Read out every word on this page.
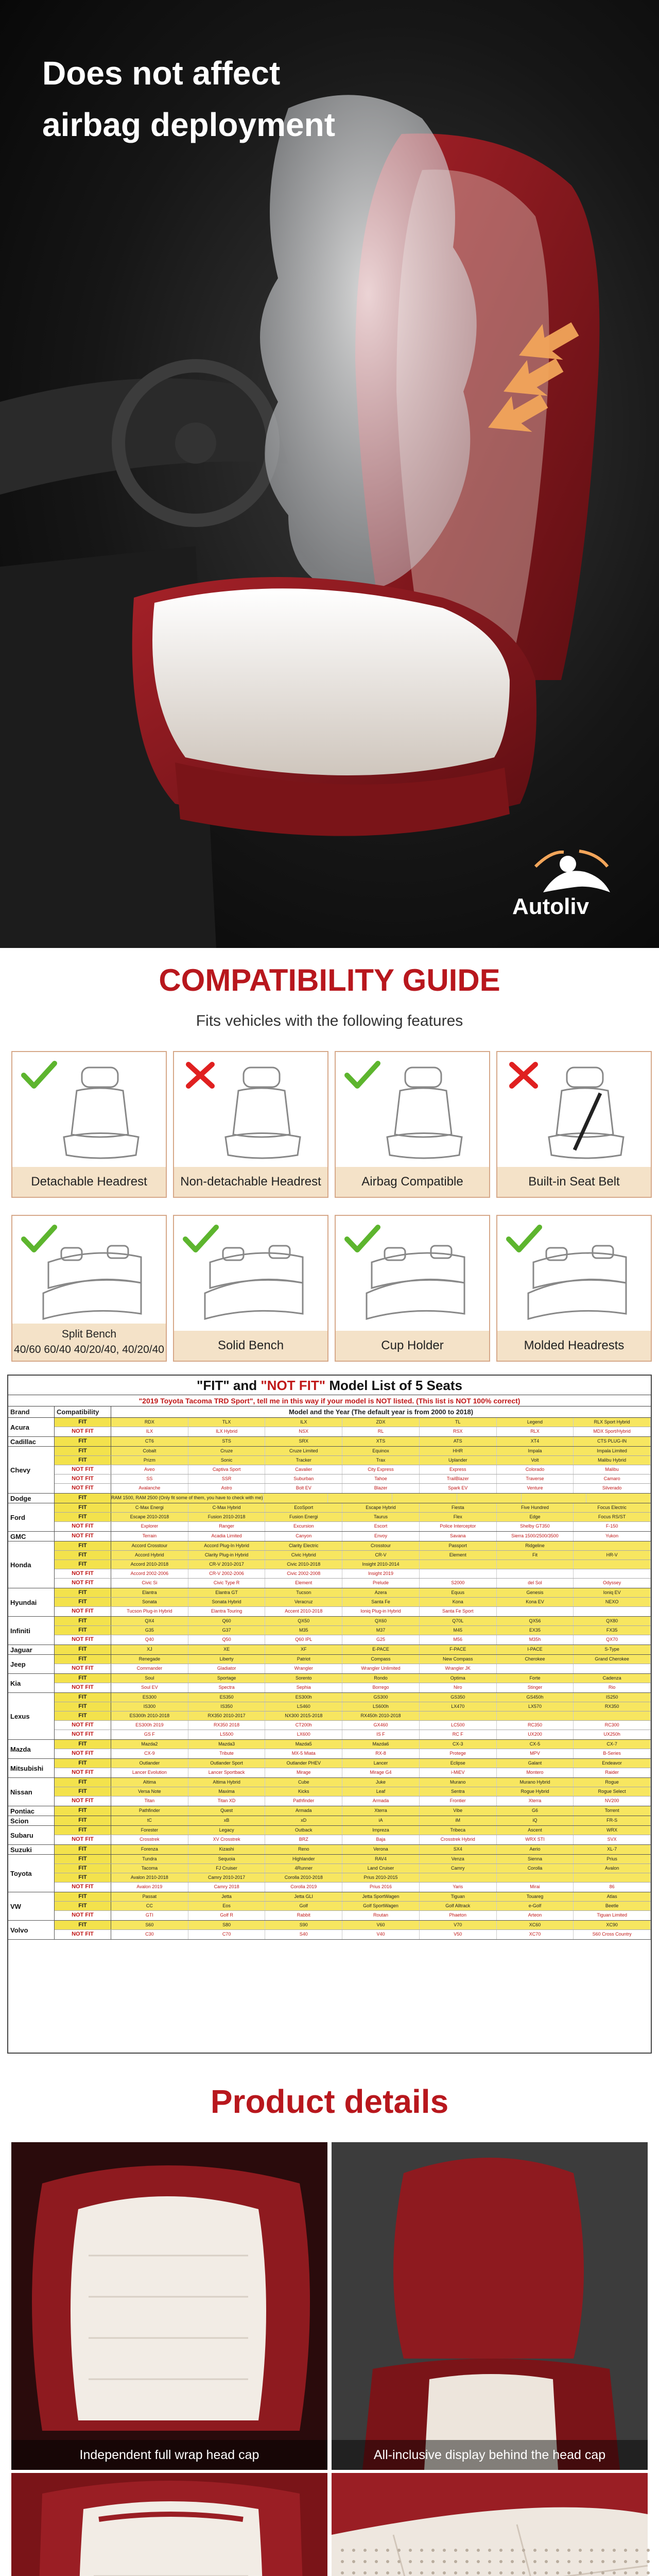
Does not affect
airbag deployment
Autoliv
COMPATIBILITY GUIDE
Fits vehicles with the following features
Detachable Headrest	Non-detachable Headrest	Airbag Compatible	Built-in Seat Belt
Split Bench
40/60 60/40 40/20/40, 40/20/40	Solid Bench	Cup Holder	Molded Headrests
"FIT" and "NOT FIT" Model List of 5 Seats
"2019 Toyota Tacoma TRD Sport", tell me in this way if your model is NOT listed. (This list is NOT 100% correct)
Brand	Compatibility	Model and the Year (The default year is from 2000 to 2018)
Acura
FIT	RDX	TLX	ILX	ZDX	TL	Legend	RLX Sport Hybrid
NOT FIT	ILX	ILX Hybrid	NSX	RL	RSX	RLX	MDX Sport/Hybrid
Cadillac	FIT	CT6	STS	SRX	XTS	ATS	XT4	CTS PLUG-IN
Chevy
FIT	Cobalt	Cruze	Cruze Limited	Equinox	HHR	Impala	Impala Limited
FIT	Prizm	Sonic	Tracker	Trax	Uplander	Volt	Malibu Hybrid
NOT FIT	Aveo	Captiva Sport	Cavalier	City Express	Express	Colorado	Malibu
NOT FIT	SS	SSR	Suburban	Tahoe	TrailBlazer	Traverse	Camaro
NOT FIT	Avalanche	Astro	Bolt EV	Blazer	Spark EV	Venture	Silverado
Dodge	FIT	RAM 1500, RAM 2500 (Only fit some of them, you have to check with me)
Ford
FIT	C-Max Energi	C-Max Hybrid	EcoSport	Escape Hybrid	Fiesta	Five Hundred	Focus Electric
FIT	Escape 2010-2018	Fusion 2010-2018	Fusion Energi	Taurus	Flex	Edge	Focus RS/ST
NOT FIT	Explorer	Ranger	Excursion	Escort	Police Interceptor	Shelby GT350	F-150
GMC	NOT FIT	Terrain	Acadia Limited	Canyon	Envoy	Savana	Sierra 1500/2500/3500	Yukon
Honda
FIT	Accord Crosstour	Accord Plug-In Hybrid	Clarity Electric	Crosstour	Passport	Ridgeline
FIT	Accord Hybrid	Clarity Plug-in Hybrid	Civic Hybrid	CR-V	Element	Fit	HR-V
FIT	Accord 2010-2018	CR-V 2010-2017	Civic 2010-2018	Insight 2010-2014
NOT FIT	Accord 2002-2006	CR-V 2002-2006	Civic 2002-2008	Insight 2019
NOT FIT	Civic Si	Civic Type R	Element	Prelude	S2000	del Sol	Odyssey
Hyundai
FIT	Elantra	Elantra GT	Tucson	Azera	Equus	Genesis	Ioniq EV
FIT	Sonata	Sonata Hybrid	Veracruz	Santa Fe	Kona	Kona EV	NEXO
NOT FIT	Tucson Plug-in Hybrid	Elantra Touring	Accent 2010-2018	Ioniq Plug-in Hybrid	Santa Fe Sport
Infiniti
FIT	QX4	Q60	QX50	QX60	Q70L	QX56	QX80
FIT	G35	G37	M35	M37	M45	EX35	FX35
NOT FIT	Q40	Q50	Q60 IPL	G25	M56	M35h	QX70
Jaguar	FIT	XJ	XE	XF	E-PACE	F-PACE	I-PACE	S-Type
Jeep
FIT	Renegade	Liberty	Patriot	Compass	New Compass	Cherokee	Grand Cherokee
NOT FIT	Commander	Gladiator	Wrangler	Wrangler Unlimited	Wrangler JK
Kia
FIT	Soul	Sportage	Sorento	Rondo	Optima	Forte	Cadenza
NOT FIT	Soul EV	Spectra	Sephia	Borrego	Niro	Stinger	Rio
Lexus
FIT	ES300	ES350	ES300h	GS300	GS350	GS450h	IS250
FIT	IS300	IS350	LS460	LS600h	LX470	LX570	RX350
FIT	ES300h 2010-2018	RX350 2010-2017	NX300 2015-2018	RX450h 2010-2018
NOT FIT	ES300h 2019	RX350 2018	CT200h	GX460	LC500	RC350	RC300
NOT FIT	GS F	LS500	LX600	IS F	RC F	UX200	UX250h
Mazda
FIT	Mazda2	Mazda3	Mazda5	Mazda6	CX-3	CX-5	CX-7
NOT FIT	CX-9	Tribute	MX-5 Miata	RX-8	Protege	MPV	B-Series
Mitsubishi
FIT	Outlander	Outlander Sport	Outlander PHEV	Lancer	Eclipse	Galant	Endeavor
NOT FIT	Lancer Evolution	Lancer Sportback	Mirage	Mirage G4	i-MiEV	Montero	Raider
Nissan
FIT	Altima	Altima Hybrid	Cube	Juke	Murano	Murano Hybrid	Rogue
FIT	Versa Note	Maxima	Kicks	Leaf	Sentra	Rogue Hybrid	Rogue Select
NOT FIT	Titan	Titan XD	Pathfinder	Armada	Frontier	Xterra	NV200
Pontiac	FIT	Pathfinder	Quest	Armada	Xterra	Vibe	G6	Torrent
Scion	FIT	tC	xB	xD	iA	iM	iQ	FR-S
Subaru
FIT	Forester	Legacy	Outback	Impreza	Tribeca	Ascent	WRX
NOT FIT	Crosstrek	XV Crosstrek	BRZ	Baja	Crosstrek Hybrid	WRX STI	SVX
Suzuki	FIT	Forenza	Kizashi	Reno	Verona	SX4	Aerio	XL-7
Toyota
FIT	Tundra	Sequoia	Highlander	RAV4	Venza	Sienna	Prius
FIT	Tacoma	FJ Cruiser	4Runner	Land Cruiser	Camry	Corolla	Avalon
FIT	Avalon 2010-2018	Camry 2010-2017	Corolla 2010-2018	Prius 2010-2015
NOT FIT	Avalon 2019	Camry 2018	Corolla 2019	Prius 2016	Yaris	Mirai	86
VW
FIT	Passat	Jetta	Jetta GLI	Jetta SportWagen	Tiguan	Touareg	Atlas
FIT	CC	Eos	Golf	Golf SportWagen	Golf Alltrack	e-Golf	Beetle
NOT FIT	GTI	Golf R	Rabbit	Routan	Phaeton	Arteon	Tiguan Limited
Volvo
FIT	S60	S80	S90	V60	V70	XC60	XC90
NOT FIT	C30	C70	S40	V40	V50	XC70	S60 Cross Country
Product details
Independent full wrap head cap	All-inclusive display behind the head cap
